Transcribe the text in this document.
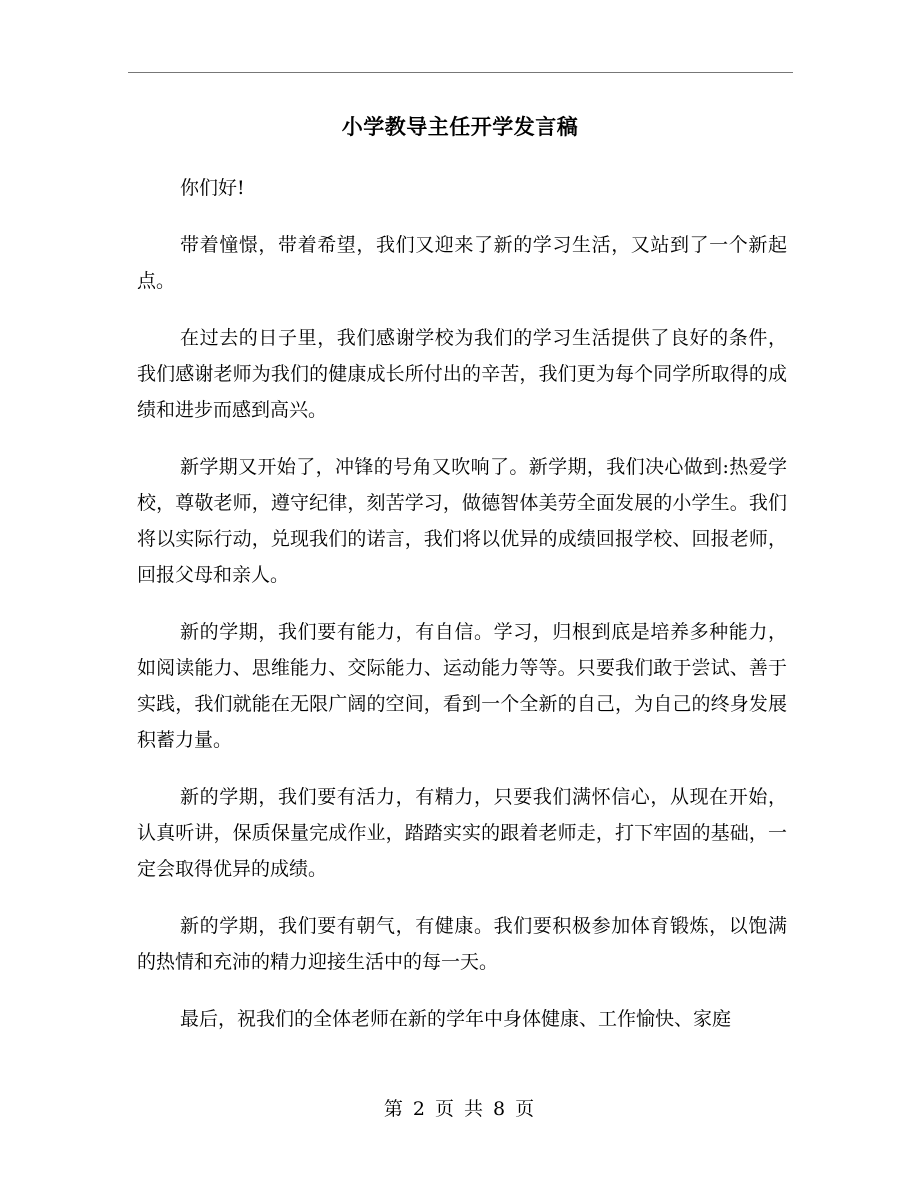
小学教导主任开学发言稿

你们好!

带着憧憬，带着希望，我们又迎来了新的学习生活，又站到了一个新起点。

在过去的日子里，我们感谢学校为我们的学习生活提供了良好的条件，我们感谢老师为我们的健康成长所付出的辛苦，我们更为每个同学所取得的成绩和进步而感到高兴。

新学期又开始了，冲锋的号角又吹响了。新学期，我们决心做到:热爱学校，尊敬老师，遵守纪律，刻苦学习，做德智体美劳全面发展的小学生。我们将以实际行动，兑现我们的诺言，我们将以优异的成绩回报学校、回报老师，回报父母和亲人。

新的学期，我们要有能力，有自信。学习，归根到底是培养多种能力，如阅读能力、思维能力、交际能力、运动能力等等。只要我们敢于尝试、善于实践，我们就能在无限广阔的空间，看到一个全新的自己，为自己的终身发展积蓄力量。

新的学期，我们要有活力，有精力，只要我们满怀信心，从现在开始，认真听讲，保质保量完成作业，踏踏实实的跟着老师走，打下牢固的基础，一定会取得优异的成绩。

新的学期，我们要有朝气，有健康。我们要积极参加体育锻炼，以饱满的热情和充沛的精力迎接生活中的每一天。

最后，祝我们的全体老师在新的学年中身体健康、工作愉快、家庭

第 2 页 共 8 页
